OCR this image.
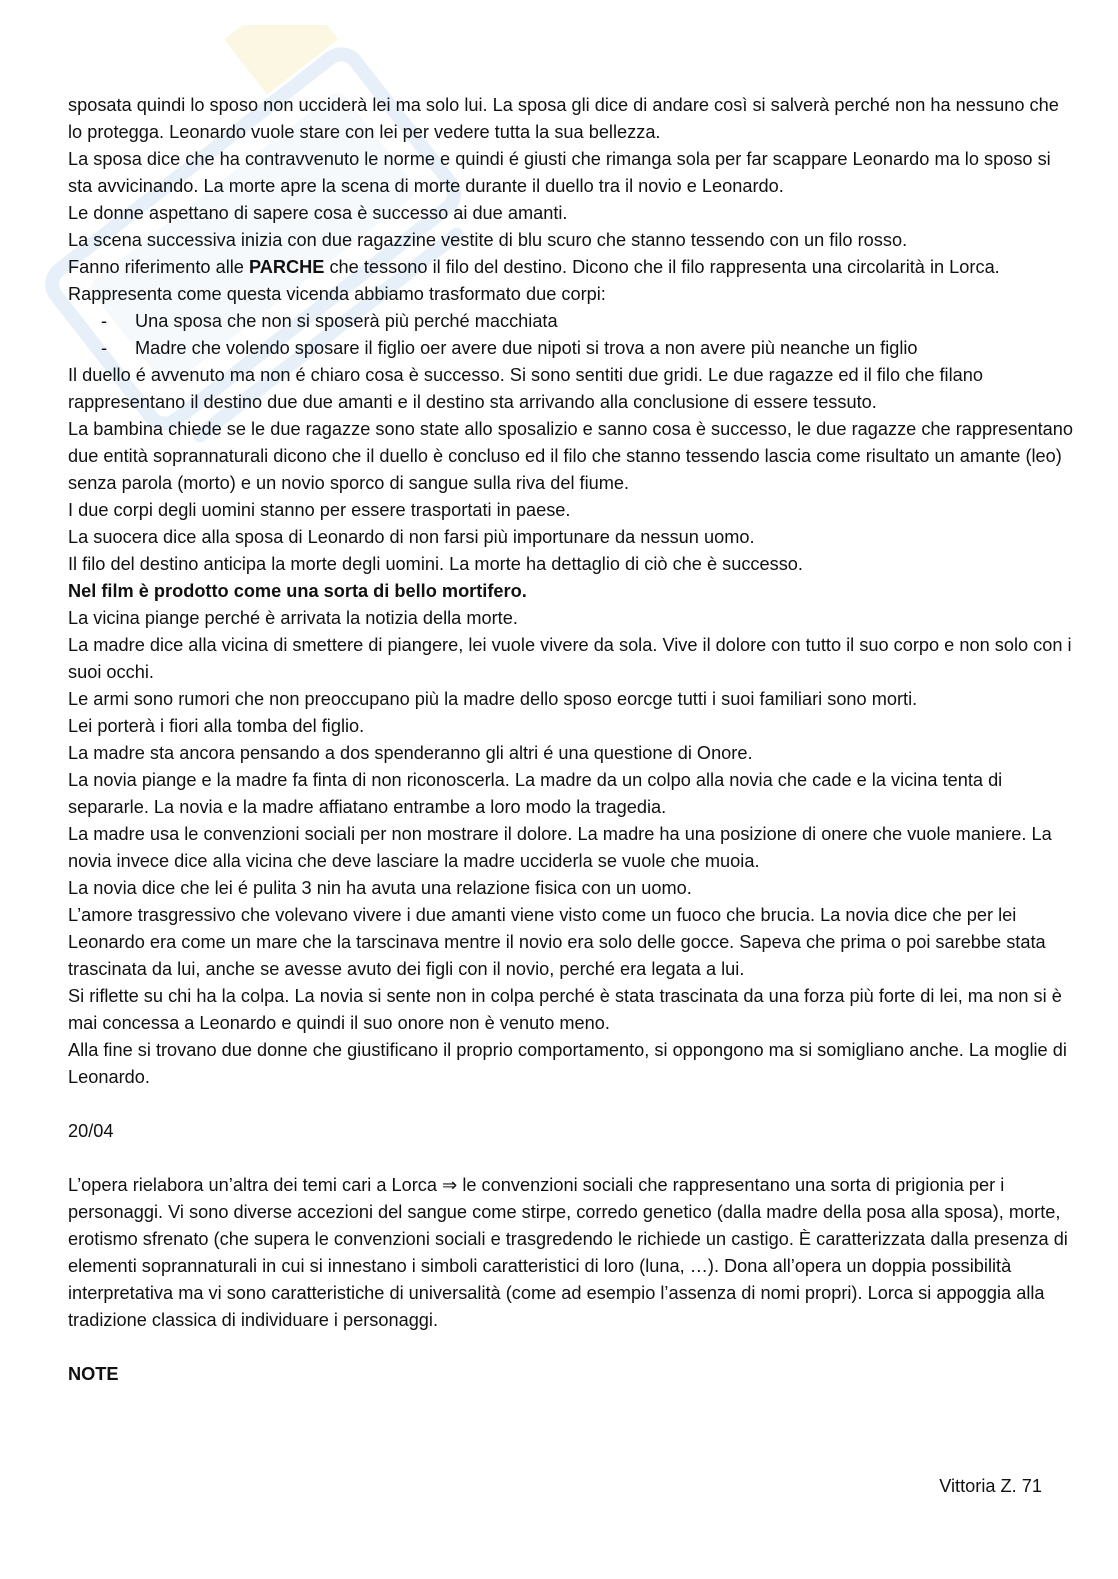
sposata quindi lo sposo non ucciderà lei ma solo lui. La sposa gli dice di andare così si salverà perché non ha nessuno che lo protegga. Leonardo vuole stare con lei per vedere tutta la sua bellezza.

La sposa dice che ha contravvenuto le norme e quindi é giusti che rimanga sola per far scappare Leonardo ma lo sposo si sta avvicinando. La morte apre la scena di morte durante il duello tra il novio e Leonardo.

Le donne aspettano di sapere cosa è successo ai due amanti.

La scena successiva inizia con due ragazzine vestite di blu scuro che stanno tessendo con un filo rosso.

Fanno riferimento alle PARCHE che tessono il filo del destino. Dicono che il filo rappresenta una circolarità in Lorca. Rappresenta come questa vicenda abbiamo trasformato due corpi:

- Una sposa che non si sposerà più perché macchiata
- Madre che volendo sposare il figlio oer avere due nipoti si trova a non avere più neanche un figlio

Il duello é avvenuto ma non é chiaro cosa è successo. Si sono sentiti due gridi. Le due ragazze ed il filo che filano rappresentano il destino due due amanti e il destino sta arrivando alla conclusione di essere tessuto.

La bambina chiede se le due ragazze sono state allo sposalizio e sanno cosa è successo, le due ragazze che rappresentano due entità soprannaturali dicono che il duello è concluso ed il filo che stanno tessendo lascia come risultato un amante (leo) senza parola (morto) e un novio sporco di sangue sulla riva del fiume.

I due corpi degli uomini stanno per essere trasportati in paese.

La suocera dice alla sposa di Leonardo di non farsi più importunare da nessun uomo.

Il filo del destino anticipa la morte degli uomini. La morte ha dettaglio di ciò che è successo.

Nel film è prodotto come una sorta di bello mortifero.

La vicina piange perché è arrivata la notizia della morte.

La madre dice alla vicina di smettere di piangere, lei vuole vivere da sola. Vive il dolore con tutto il suo corpo e non solo con i suoi occhi.

Le armi sono rumori che non preoccupano più la madre dello sposo eorcge tutti i suoi familiari sono morti.

Lei porterà i fiori alla tomba del figlio.

La madre sta ancora pensando a dos spenderanno gli altri é una questione di Onore.

La novia piange e la madre fa finta di non riconoscerla. La madre da un colpo alla novia che cade e la vicina tenta di separarle. La novia e la madre affiatano entrambe a loro modo la tragedia.

La madre usa le convenzioni sociali per non mostrare il dolore. La madre ha una posizione di onere che vuole maniere. La novia invece dice alla vicina che deve lasciare la madre ucciderla se vuole che muoia.

La novia dice che lei é pulita 3 nin ha avuta una relazione fisica con un uomo.

L’amore trasgressivo che volevano vivere i due amanti viene visto come un fuoco che brucia. La novia dice che per lei Leonardo era come un mare che la tarscinava mentre il novio era solo delle gocce. Sapeva che prima o poi sarebbe stata trascinata da lui, anche se avesse avuto dei figli con il novio, perché era legata a lui.

Si riflette su chi ha la colpa. La novia si sente non in colpa perché è stata trascinata da una forza più forte di lei, ma non si è mai concessa a Leonardo e quindi il suo onore non è venuto meno.

Alla fine si trovano due donne che giustificano il proprio comportamento, si oppongono ma si somigliano anche. La moglie di Leonardo.

20/04

L’opera rielabora un’altra dei temi cari a Lorca ⇒ le convenzioni sociali che rappresentano una sorta di prigionia per i personaggi. Vi sono diverse accezioni del sangue come stirpe, corredo genetico (dalla madre della posa alla sposa), morte, erotismo sfrenato (che supera le convenzioni sociali e trasgredendo le richiede un castigo. È caratterizzata dalla presenza di elementi soprannaturali in cui si innestano i simboli caratteristici di loro (luna, …). Dona all’opera un doppia possibilità interpretativa ma vi sono caratteristiche di universalità (come ad esempio l’assenza di nomi propri). Lorca si appoggia alla tradizione classica di individuare i personaggi.

NOTE

Vittoria Z. 71
